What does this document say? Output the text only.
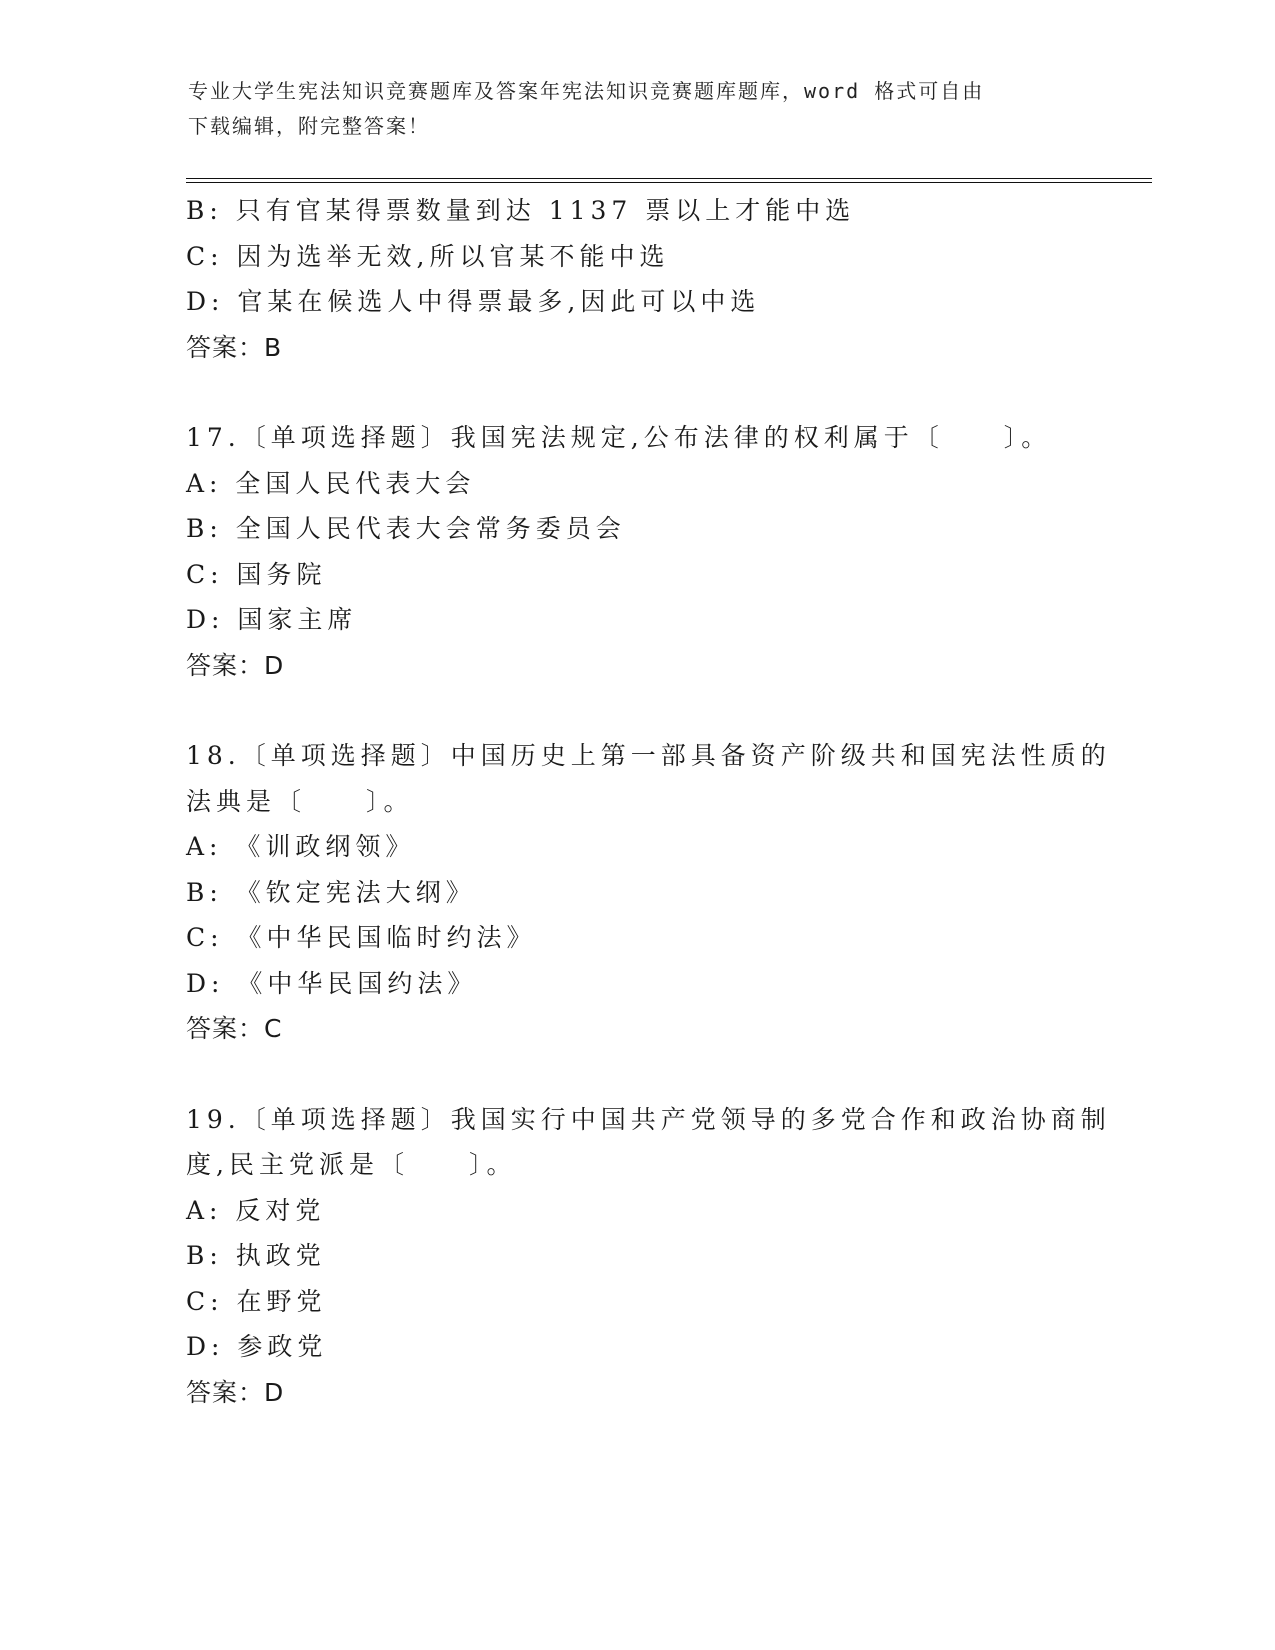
专业大学生宪法知识竞赛题库及答案年宪法知识竞赛题库题库，word 格式可自由
下载编辑，附完整答案！
B: 只有官某得票数量到达 1137 票以上才能中选
C: 因为选举无效,所以官某不能中选
D: 官某在候选人中得票最多,因此可以中选
答案：B
17.〔单项选择题〕我国宪法规定,公布法律的权利属于〔　　〕。
A: 全国人民代表大会
B: 全国人民代表大会常务委员会
C: 国务院
D: 国家主席
答案：D
18.〔单项选择题〕中国历史上第一部具备资产阶级共和国宪法性质的
法典是〔　　〕。
A: 《训政纲领》
B: 《钦定宪法大纲》
C: 《中华民国临时约法》
D: 《中华民国约法》
答案：C
19.〔单项选择题〕我国实行中国共产党领导的多党合作和政治协商制
度,民主党派是〔　　〕。
A: 反对党
B: 执政党
C: 在野党
D: 参政党
答案：D
